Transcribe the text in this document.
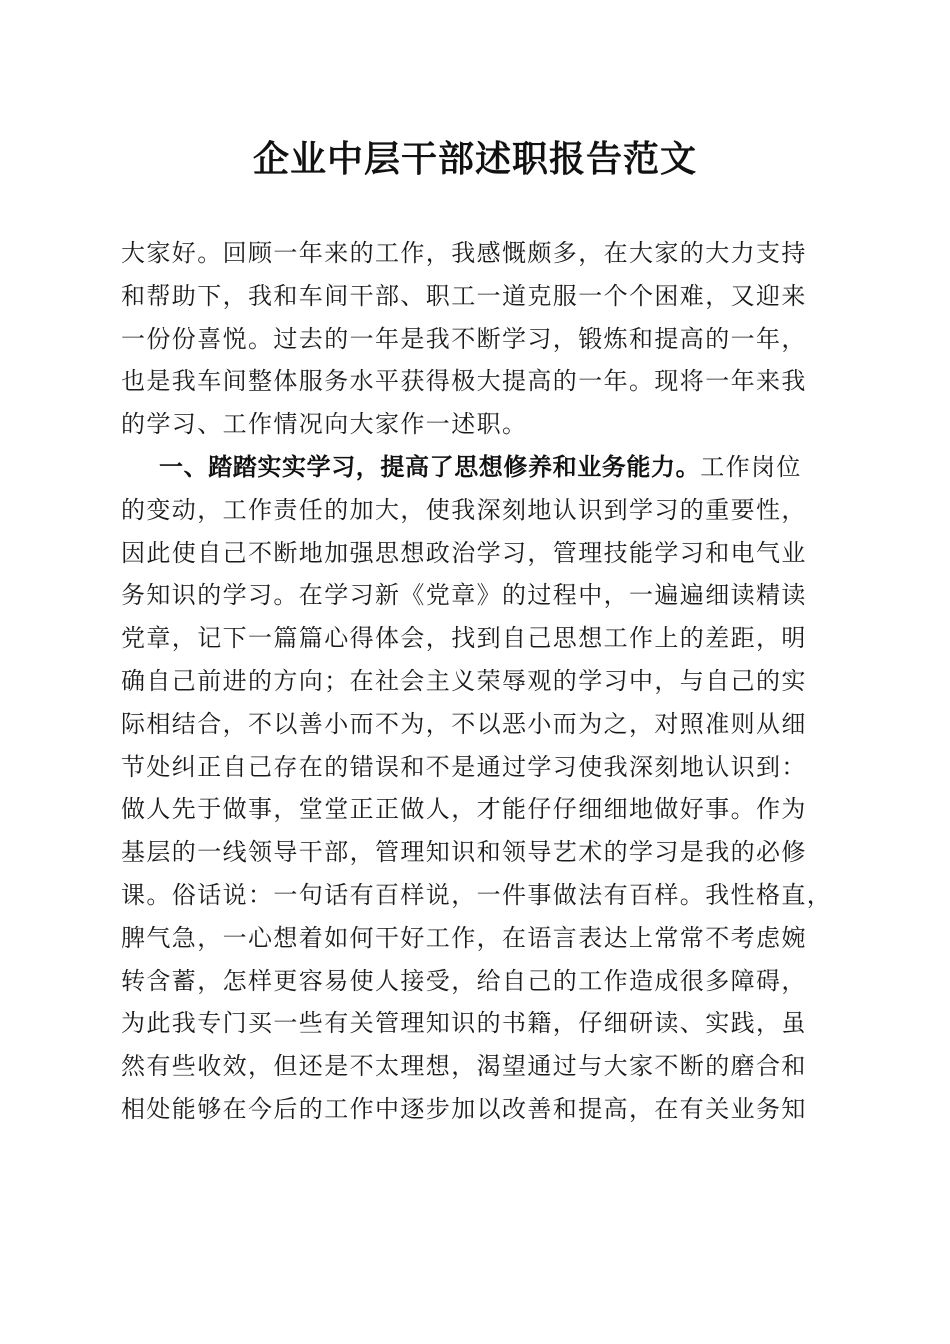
企业中层干部述职报告范文
大家好。回顾一年来的工作，我感慨颇多，在大家的大力支持
和帮助下，我和车间干部、职工一道克服一个个困难，又迎来
一份份喜悦。过去的一年是我不断学习，锻炼和提高的一年，
也是我车间整体服务水平获得极大提高的一年。现将一年来我
的学习、工作情况向大家作一述职。
一、踏踏实实学习，提高了思想修养和业务能力。工作岗位
的变动，工作责任的加大，使我深刻地认识到学习的重要性，
因此使自己不断地加强思想政治学习，管理技能学习和电气业
务知识的学习。在学习新《党章》的过程中，一遍遍细读精读
党章，记下一篇篇心得体会，找到自己思想工作上的差距，明
确自己前进的方向；在社会主义荣辱观的学习中，与自己的实
际相结合，不以善小而不为，不以恶小而为之，对照准则从细
节处纠正自己存在的错误和不是通过学习使我深刻地认识到：
做人先于做事，堂堂正正做人，才能仔仔细细地做好事。作为
基层的一线领导干部，管理知识和领导艺术的学习是我的必修
课。俗话说：一句话有百样说，一件事做法有百样。我性格直，
脾气急，一心想着如何干好工作，在语言表达上常常不考虑婉
转含蓄，怎样更容易使人接受，给自己的工作造成很多障碍，
为此我专门买一些有关管理知识的书籍，仔细研读、实践，虽
然有些收效，但还是不太理想，渴望通过与大家不断的磨合和
相处能够在今后的工作中逐步加以改善和提高，在有关业务知
